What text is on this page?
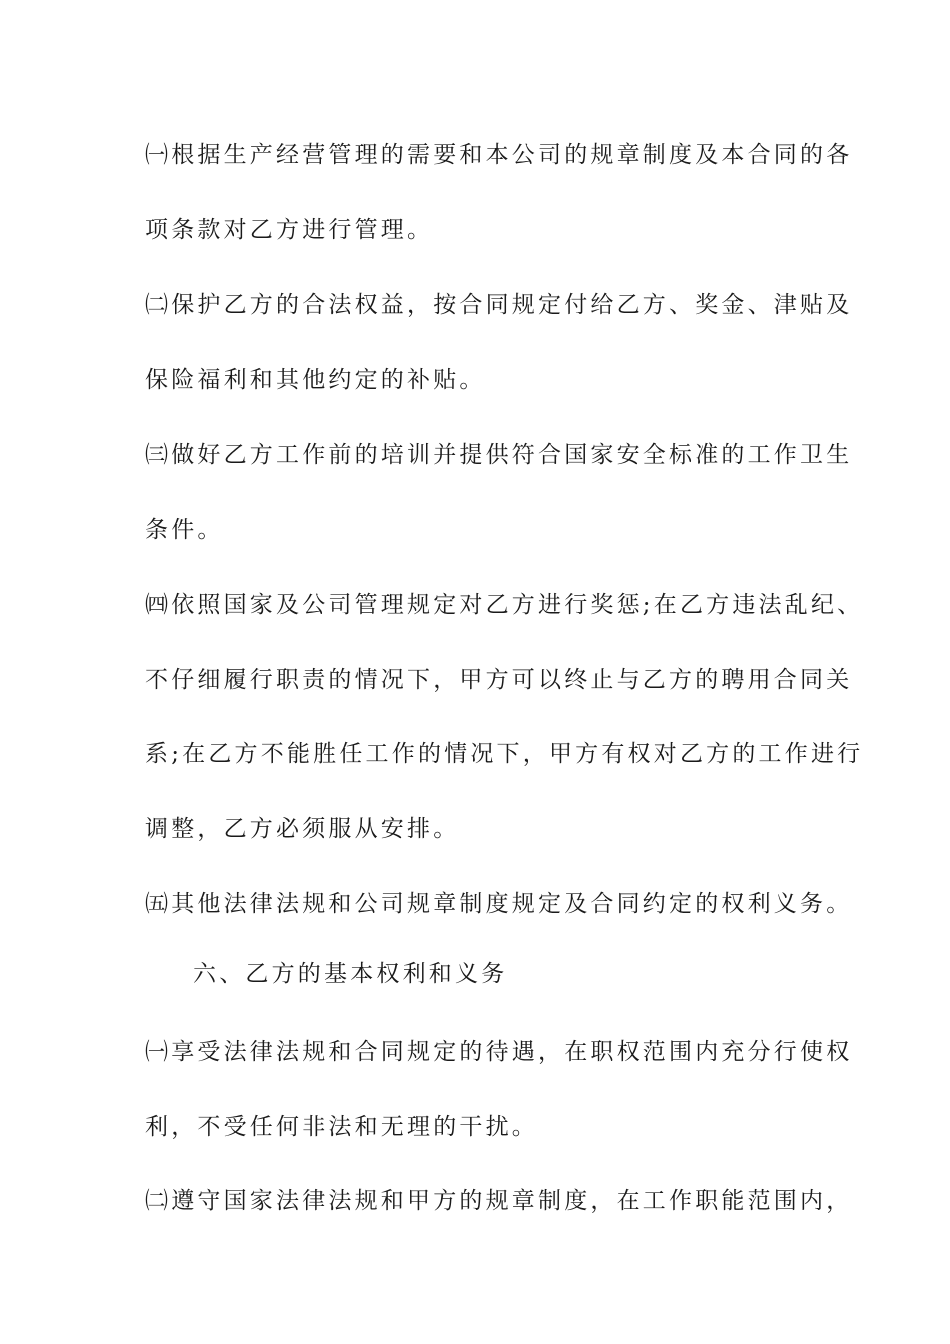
㈠根据生产经营管理的需要和本公司的规章制度及本合同的各
项条款对乙方进行管理。
㈡保护乙方的合法权益，按合同规定付给乙方、奖金、津贴及
保险福利和其他约定的补贴。
㈢做好乙方工作前的培训并提供符合国家安全标准的工作卫生
条件。
㈣依照国家及公司管理规定对乙方进行奖惩;在乙方违法乱纪、
不仔细履行职责的情况下，甲方可以终止与乙方的聘用合同关
系;在乙方不能胜任工作的情况下，甲方有权对乙方的工作进行
调整，乙方必须服从安排。
㈤其他法律法规和公司规章制度规定及合同约定的权利义务。
六、乙方的基本权利和义务
㈠享受法律法规和合同规定的待遇，在职权范围内充分行使权
利，不受任何非法和无理的干扰。
㈡遵守国家法律法规和甲方的规章制度，在工作职能范围内，
